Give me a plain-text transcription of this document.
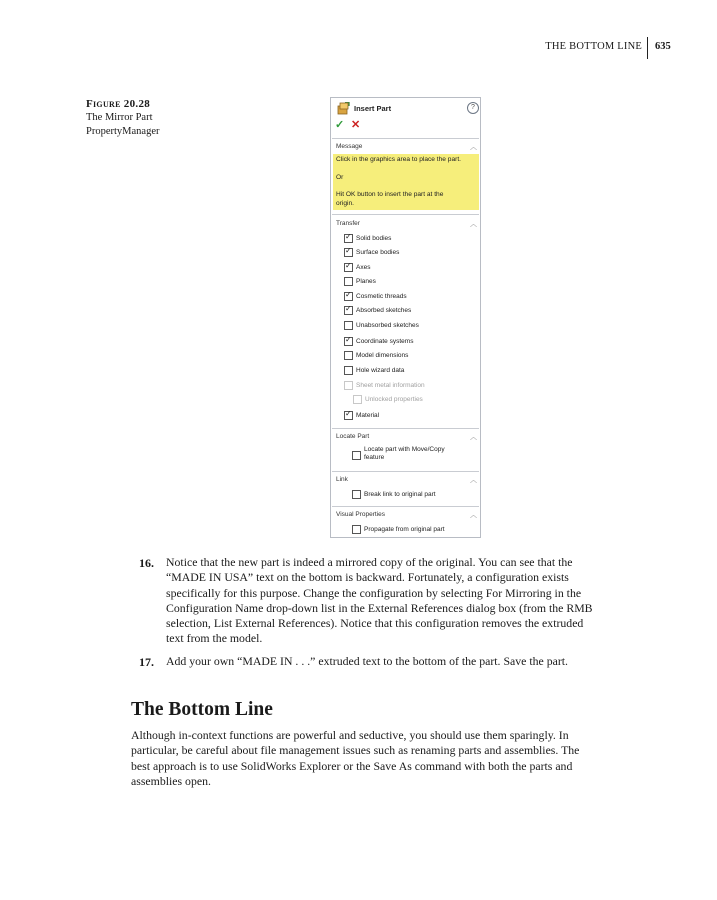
THE BOTTOM LINE 635
Figure 20.28
The Mirror Part
PropertyManager
Insert Part	?
✓ ✕
Message	︿
Click in the graphics area to place the part.
Or
Hit OK button to insert the part at the
origin.
Transfer	︿
✓
Solid bodies
✓
Surface bodies
✓
Axes
Planes
✓
Cosmetic threads
✓
Absorbed sketches
Unabsorbed sketches
✓
Coordinate systems
Model dimensions
Hole wizard data
Sheet metal information
Unlocked properties
✓
Material
Locate Part	︿
Locate part with Move/Copy
feature
Link	︿
Break link to original part
Visual Properties	︿
Propagate from original part
16. Notice that the new part is indeed a mirrored copy of the original. You can see that the
“MADE IN USA” text on the bottom is backward. Fortunately, a configuration exists
specifically for this purpose. Change the configuration by selecting For Mirroring in the
Configuration Name drop-down list in the External References dialog box (from the RMB
selection, List External References). Notice that this configuration removes the extruded
text from the model.
17. Add your own “MADE IN . . .” extruded text to the bottom of the part. Save the part.
The Bottom Line
Although in-context functions are powerful and seductive, you should use them sparingly. In
particular, be careful about file management issues such as renaming parts and assemblies. The
best approach is to use SolidWorks Explorer or the Save As command with both the parts and
assemblies open.
